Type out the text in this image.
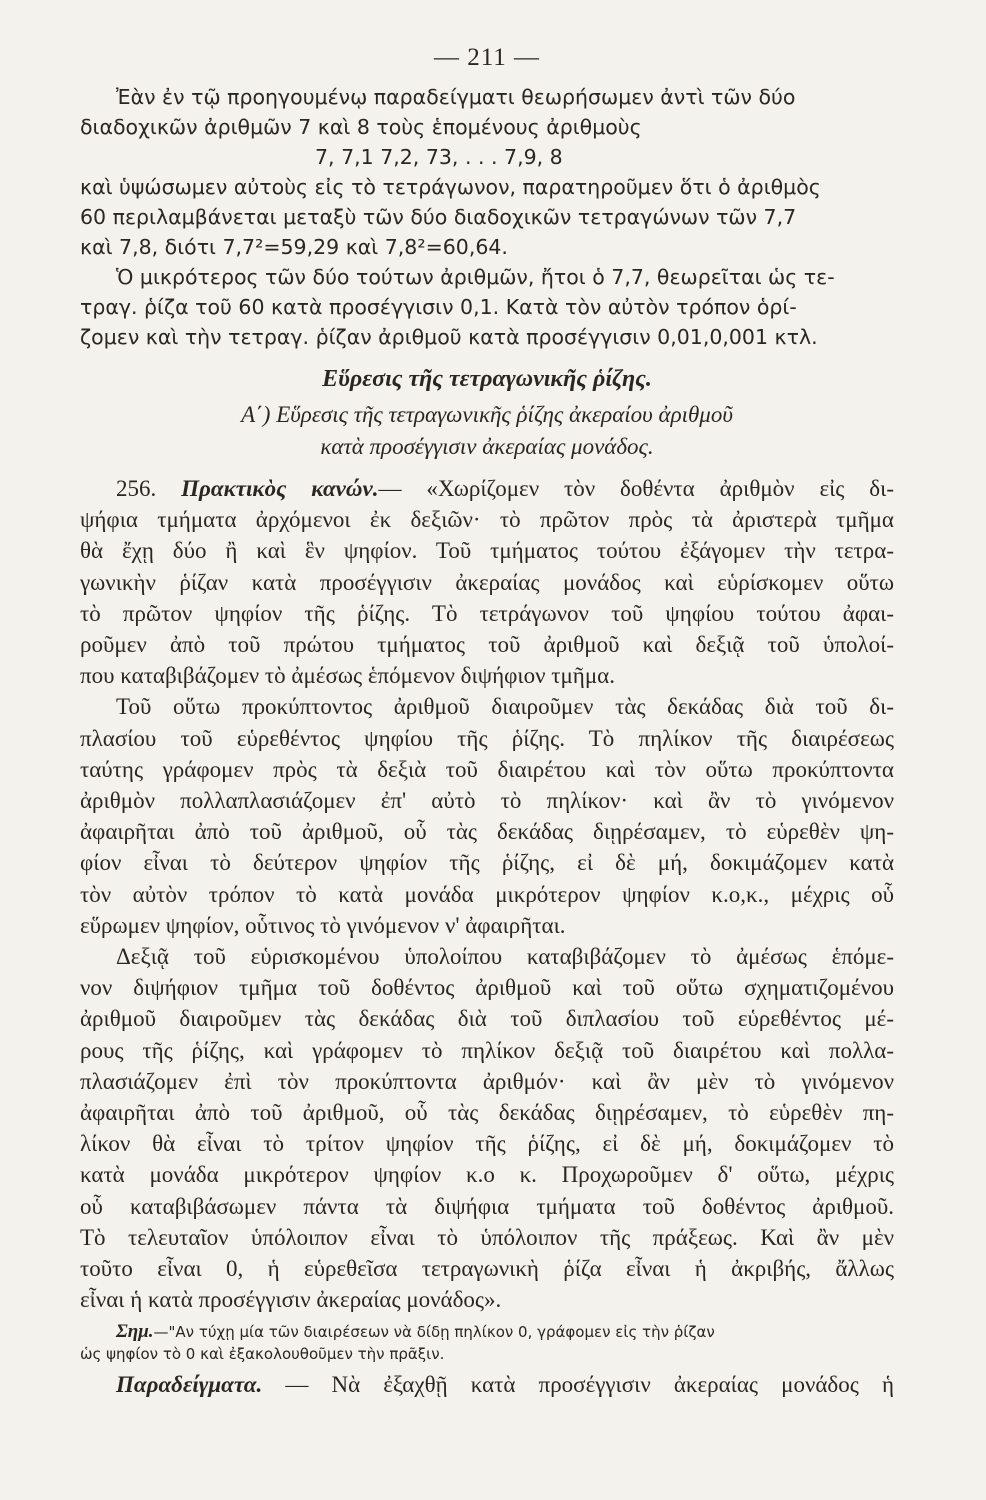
— 211 —
Ἐὰν ἐν τῷ προηγουμένῳ παραδείγματι θεωρήσωμεν ἀντὶ τῶν δύο
διαδοχικῶν ἀριθμῶν 7 καὶ 8 τοὺς ἑπομένους ἀριθμοὺς
7, 7,1 7,2, 73, . . . 7,9, 8
καὶ ὑψώσωμεν αὐτοὺς εἰς τὸ τετράγωνον, παρατηροῦμεν ὅτι ὁ ἀριθμὸς
60 περιλαμβάνεται μεταξὺ τῶν δύο διαδοχικῶν τετραγώνων τῶν 7,7
καὶ 7,8, διότι 7,7²=59,29 καὶ 7,8²=60,64.
Ὁ μικρότερος τῶν δύο τούτων ἀριθμῶν, ἤτοι ὁ 7,7, θεωρεῖται ὡς τε-
τραγ. ῥίζα τοῦ 60 κατὰ προσέγγισιν 0,1. Κατὰ τὸν αὐτὸν τρόπον ὁρί-
ζομεν καὶ τὴν τετραγ. ῥίζαν ἀριθμοῦ κατὰ προσέγγισιν 0,01,0,001 κτλ.
Εὕρεσις τῆς τετραγωνικῆς ῥίζης.
Α΄) Εὕρεσις τῆς τετραγωνικῆς ῥίζης ἀκεραίου ἀριθμοῦ
κατὰ προσέγγισιν ἀκεραίας μονάδος.
256. Πρακτικὸς κανών.— «Χωρίζομεν τὸν δοθέντα ἀριθμὸν εἰς δι-
ψήφια τμήματα ἀρχόμενοι ἐκ δεξιῶν· τὸ πρῶτον πρὸς τὰ ἀριστερὰ τμῆμα
θὰ ἔχῃ δύο ἢ καὶ ἓν ψηφίον. Τοῦ τμήματος τούτου ἐξάγομεν τὴν τετρα-
γωνικὴν ῥίζαν κατὰ προσέγγισιν ἀκεραίας μονάδος καὶ εὑρίσκομεν οὕτω
τὸ πρῶτον ψηφίον τῆς ῥίζης. Τὸ τετράγωνον τοῦ ψηφίου τούτου ἀφαι-
ροῦμεν ἀπὸ τοῦ πρώτου τμήματος τοῦ ἀριθμοῦ καὶ δεξιᾷ τοῦ ὑπολοί-
που καταβιβάζομεν τὸ ἀμέσως ἑπόμενον διψήφιον τμῆμα.
Τοῦ οὕτω προκύπτοντος ἀριθμοῦ διαιροῦμεν τὰς δεκάδας διὰ τοῦ δι-
πλασίου τοῦ εὑρεθέντος ψηφίου τῆς ῥίζης. Τὸ πηλίκον τῆς διαιρέσεως
ταύτης γράφομεν πρὸς τὰ δεξιὰ τοῦ διαιρέτου καὶ τὸν οὕτω προκύπτοντα
ἀριθμὸν πολλαπλασιάζομεν ἐπ' αὐτὸ τὸ πηλίκον· καὶ ἂν τὸ γινόμενον
ἀφαιρῆται ἀπὸ τοῦ ἀριθμοῦ, οὗ τὰς δεκάδας διῃρέσαμεν, τὸ εὑρεθὲν ψη-
φίον εἶναι τὸ δεύτερον ψηφίον τῆς ῥίζης, εἰ δὲ μή, δοκιμάζομεν κατὰ
τὸν αὐτὸν τρόπον τὸ κατὰ μονάδα μικρότερον ψηφίον κ.ο,κ., μέχρις οὗ
εὕρωμεν ψηφίον, οὗτινος τὸ γινόμενον ν' ἀφαιρῆται.
Δεξιᾷ τοῦ εὑρισκομένου ὑπολοίπου καταβιβάζομεν τὸ ἀμέσως ἑπόμε-
νον διψήφιον τμῆμα τοῦ δοθέντος ἀριθμοῦ καὶ τοῦ οὕτω σχηματιζομένου
ἀριθμοῦ διαιροῦμεν τὰς δεκάδας διὰ τοῦ διπλασίου τοῦ εὑρεθέντος μέ-
ρους τῆς ῥίζης, καὶ γράφομεν τὸ πηλίκον δεξιᾷ τοῦ διαιρέτου καὶ πολλα-
πλασιάζομεν ἐπὶ τὸν προκύπτοντα ἀριθμόν· καὶ ἂν μὲν τὸ γινόμενον
ἀφαιρῆται ἀπὸ τοῦ ἀριθμοῦ, οὗ τὰς δεκάδας διῃρέσαμεν, τὸ εὑρεθὲν πη-
λίκον θὰ εἶναι τὸ τρίτον ψηφίον τῆς ῥίζης, εἰ δὲ μή, δοκιμάζομεν τὸ
κατὰ μονάδα μικρότερον ψηφίον κ.ο κ. Προχωροῦμεν δ' οὕτω, μέχρις
οὗ καταβιβάσωμεν πάντα τὰ διψήφια τμήματα τοῦ δοθέντος ἀριθμοῦ.
Τὸ τελευταῖον ὑπόλοιπον εἶναι τὸ ὑπόλοιπον τῆς πράξεως. Καὶ ἂν μὲν
τοῦτο εἶναι 0, ἡ εὑρεθεῖσα τετραγωνικὴ ῥίζα εἶναι ἡ ἀκριβής, ἄλλως
εἶναι ἡ κατὰ προσέγγισιν ἀκεραίας μονάδος».
Σημ.—"Αν τύχῃ μία τῶν διαιρέσεων νὰ δίδῃ πηλίκον 0, γράφομεν εἰς τὴν ῥίζαν
ὡς ψηφίον τὸ 0 καὶ ἐξακολουθοῦμεν τὴν πρᾶξιν.
Παραδείγματα. — Νὰ ἐξαχθῇ κατὰ προσέγγισιν ἀκεραίας μονάδος ἡ
